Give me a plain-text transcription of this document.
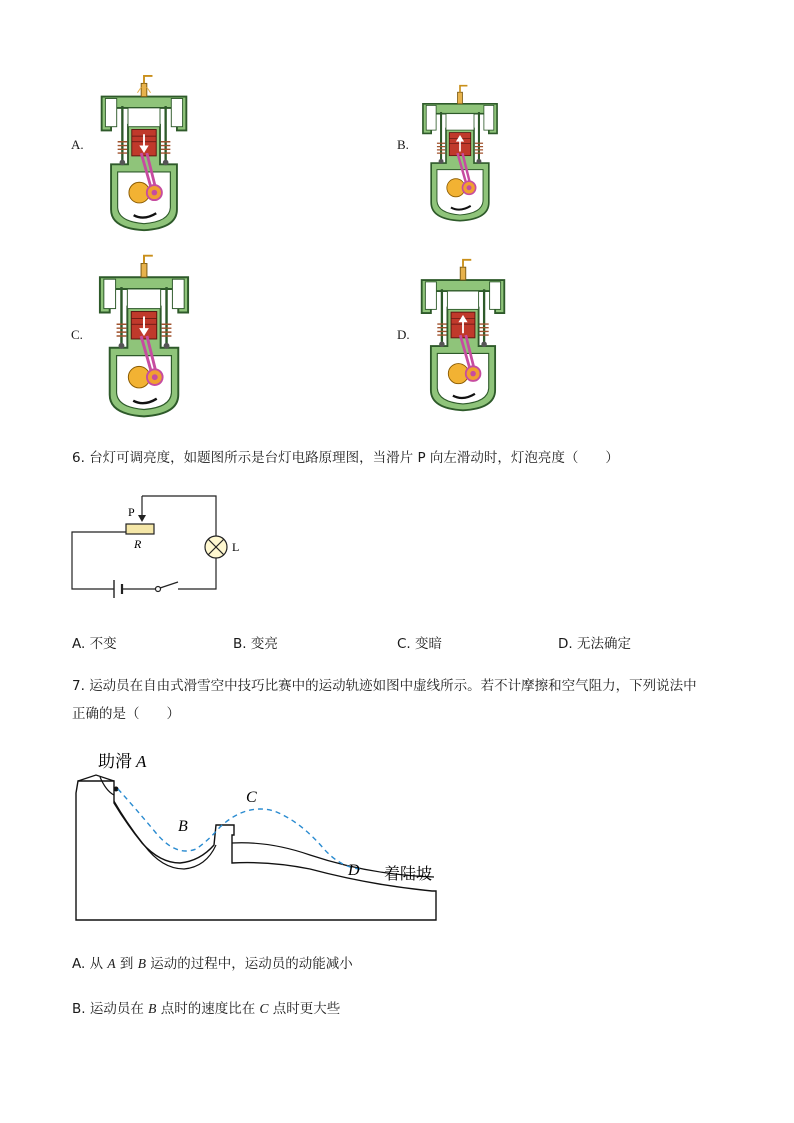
A.	B.
C.	D.
6. 台灯可调亮度，如题图所示是台灯电路原理图，当滑片 P 向左滑动时，灯泡亮度（　　）
P
R	L
A. 不变	B. 变亮	C. 变暗	D. 无法确定
7. 运动员在自由式滑雪空中技巧比赛中的运动轨迹如图中虚线所示。若不计摩擦和空气阻力，下列说法中
正确的是（　　）
助滑 A
B
C
D 着陆坡
A. 从 A 到 B 运动的过程中，运动员的动能减小
B. 运动员在 B 点时的速度比在 C 点时更大些
